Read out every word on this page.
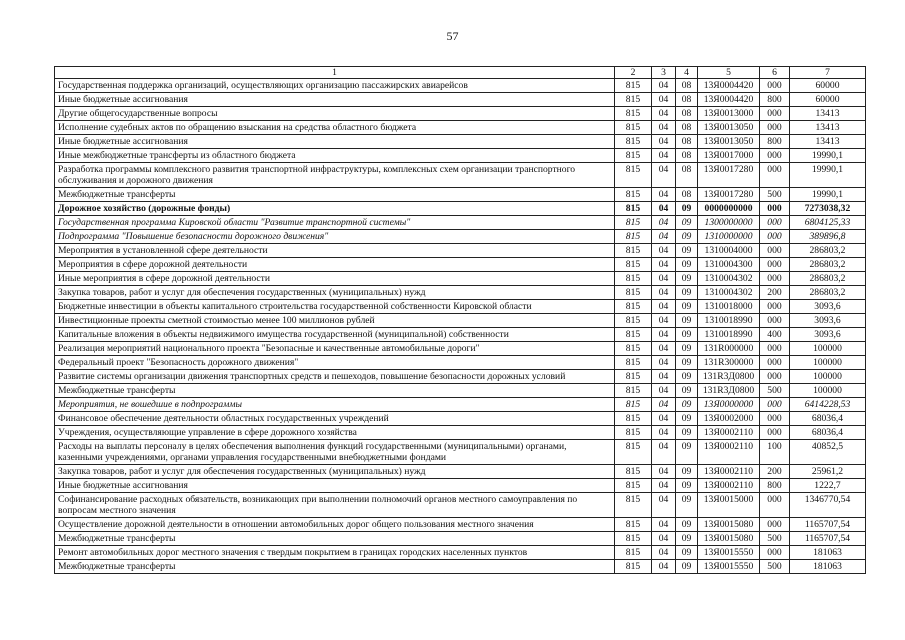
57
1	2	3	4	5	6	7
Государственная поддержка организаций, осуществляющих организацию пассажирских авиарейсов	815	04	08	13Я0004420	000	60000
Иные бюджетные ассигнования	815	04	08	13Я0004420	800	60000
Другие общегосударственные вопросы	815	04	08	13Я0013000	000	13413
Исполнение судебных актов по обращению взыскания на средства областного бюджета	815	04	08	13Я0013050	000	13413
Иные бюджетные ассигнования	815	04	08	13Я0013050	800	13413
Иные межбюджетные трансферты из областного бюджета	815	04	08	13Я0017000	000	19990,1
Разработка программы комплексного развития транспортной инфраструктуры, комплексных схем организации транспортного обслуживания и дорожного движения	815	04	08	13Я0017280	000	19990,1
Межбюджетные трансферты	815	04	08	13Я0017280	500	19990,1
Дорожное хозяйство (дорожные фонды)	815	04	09	0000000000	000	7273038,32
Государственная программа Кировской области "Развитие транспортной системы"	815	04	09	1300000000	000	6804125,33
Подпрограмма "Повышение безопасности дорожного движения"	815	04	09	1310000000	000	389896,8
Мероприятия в установленной сфере деятельности	815	04	09	1310004000	000	286803,2
Мероприятия в сфере дорожной деятельности	815	04	09	1310004300	000	286803,2
Иные мероприятия в сфере дорожной деятельности	815	04	09	1310004302	000	286803,2
Закупка товаров, работ и услуг для обеспечения государственных (муниципальных) нужд	815	04	09	1310004302	200	286803,2
Бюджетные инвестиции в объекты капитального строительства государственной собственности Кировской области	815	04	09	1310018000	000	3093,6
Инвестиционные проекты сметной стоимостью менее 100 миллионов рублей	815	04	09	1310018990	000	3093,6
Капитальные вложения в объекты недвижимого имущества государственной (муниципальной) собственности	815	04	09	1310018990	400	3093,6
Реализация мероприятий национального проекта "Безопасные и качественные автомобильные дороги"	815	04	09	131R000000	000	100000
Федеральный проект "Безопасность дорожного движения"	815	04	09	131R300000	000	100000
Развитие системы организации движения транспортных средств и пешеходов, повышение безопасности дорожных условий	815	04	09	131R3Д0800	000	100000
Межбюджетные трансферты	815	04	09	131R3Д0800	500	100000
Мероприятия, не вошедшие в подпрограммы	815	04	09	13Я0000000	000	6414228,53
Финансовое обеспечение деятельности областных государственных учреждений	815	04	09	13Я0002000	000	68036,4
Учреждения, осуществляющие управление в сфере дорожного хозяйства	815	04	09	13Я0002110	000	68036,4
Расходы на выплаты персоналу в целях обеспечения выполнения функций государственными (муниципальными) органами, казенными учреждениями, органами управления государственными внебюджетными фондами	815	04	09	13Я0002110	100	40852,5
Закупка товаров, работ и услуг для обеспечения государственных (муниципальных) нужд	815	04	09	13Я0002110	200	25961,2
Иные бюджетные ассигнования	815	04	09	13Я0002110	800	1222,7
Софинансирование расходных обязательств, возникающих при выполнении полномочий органов местного самоуправления по вопросам местного значения	815	04	09	13Я0015000	000	1346770,54
Осуществление дорожной деятельности в отношении автомобильных дорог общего пользования местного значения	815	04	09	13Я0015080	000	1165707,54
Межбюджетные трансферты	815	04	09	13Я0015080	500	1165707,54
Ремонт автомобильных дорог местного значения с твердым покрытием в границах городских населенных пунктов	815	04	09	13Я0015550	000	181063
Межбюджетные трансферты	815	04	09	13Я0015550	500	181063
